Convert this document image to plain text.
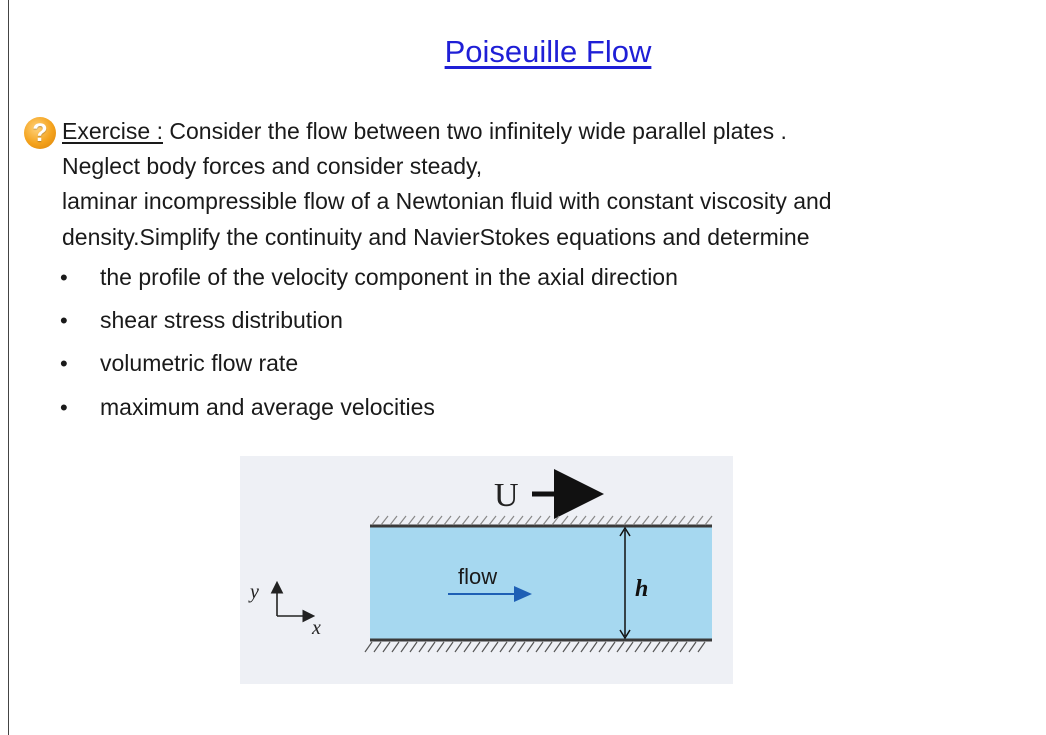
Poiseuille Flow
? Exercise : Consider the flow between two infinitely wide parallel plates .
Neglect body forces and consider steady,
laminar incompressible flow of a Newtonian fluid with constant viscosity and
density.Simplify the continuity and NavierStokes equations and determine
• the profile of the velocity component in the axial direction
• shear stress distribution
• volumetric flow rate
• maximum and average velocities
U
flow	h
y
x
